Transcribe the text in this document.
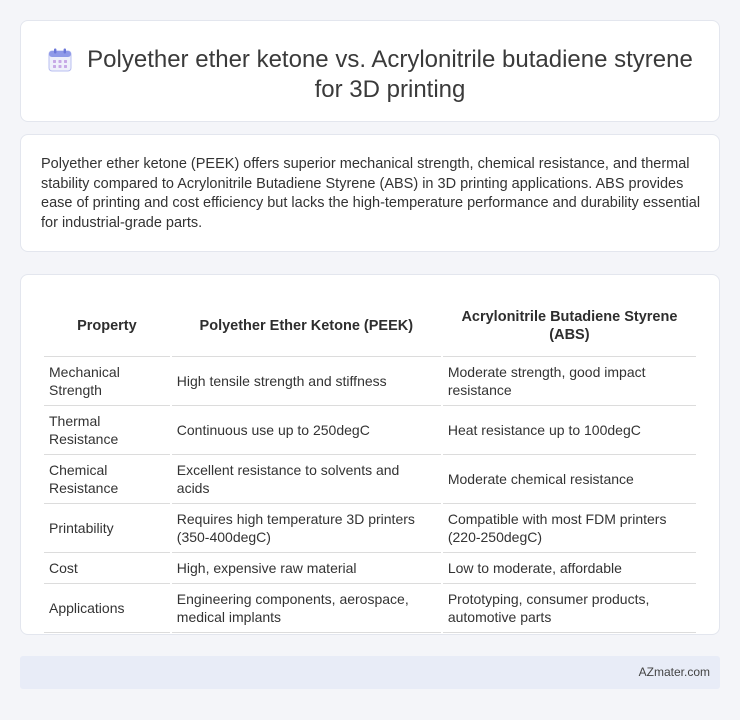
Polyether ether ketone vs. Acrylonitrile butadiene styrene for 3D printing

Polyether ether ketone (PEEK) offers superior mechanical strength, chemical resistance, and thermal stability compared to Acrylonitrile Butadiene Styrene (ABS) in 3D printing applications. ABS provides ease of printing and cost efficiency but lacks the high-temperature performance and durability essential for industrial-grade parts.

Property	Polyether Ether Ketone (PEEK)	Acrylonitrile Butadiene Styrene (ABS)
Mechanical Strength	High tensile strength and stiffness	Moderate strength, good impact resistance
Thermal Resistance	Continuous use up to 250degC	Heat resistance up to 100degC
Chemical Resistance	Excellent resistance to solvents and acids	Moderate chemical resistance
Printability	Requires high temperature 3D printers (350-400degC)	Compatible with most FDM printers (220-250degC)
Cost	High, expensive raw material	Low to moderate, affordable
Applications	Engineering components, aerospace, medical implants	Prototyping, consumer products, automotive parts
AZmater.com
